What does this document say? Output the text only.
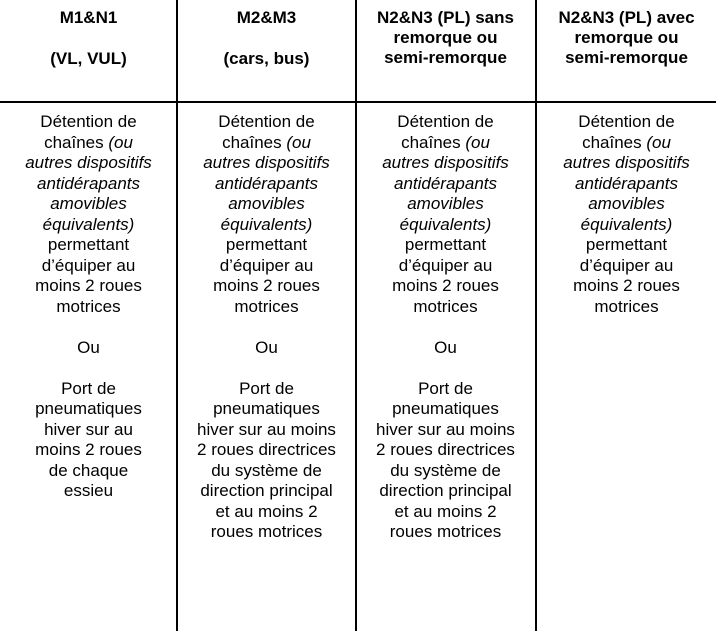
M1&N1
(VL, VUL)
Détention de
chaînes (ou
autres dispositifs
antidérapants
amovibles
équivalents)
permettant
d’équiper au
moins 2 roues
motrices
Ou
Port de
pneumatiques
hiver sur au
moins 2 roues
de chaque
essieu
M2&M3
(cars, bus)
Détention de
chaînes (ou
autres dispositifs
antidérapants
amovibles
équivalents)
permettant
d’équiper au
moins 2 roues
motrices
Ou
Port de
pneumatiques
hiver sur au moins
2 roues directrices
du système de
direction principal
et au moins 2
roues motrices
N2&N3 (PL) sans
remorque ou
semi-remorque
Détention de
chaînes (ou
autres dispositifs
antidérapants
amovibles
équivalents)
permettant
d’équiper au
moins 2 roues
motrices
Ou
Port de
pneumatiques
hiver sur au moins
2 roues directrices
du système de
direction principal
et au moins 2
roues motrices
N2&N3 (PL) avec
remorque ou
semi-remorque
Détention de
chaînes (ou
autres dispositifs
antidérapants
amovibles
équivalents)
permettant
d’équiper au
moins 2 roues
motrices
